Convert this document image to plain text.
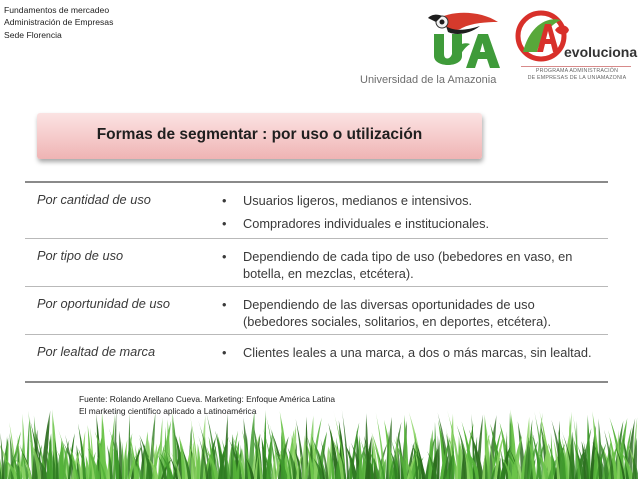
Fundamentos de mercadeo
Administración de Empresas
Sede Florencia
Universidad de la Amazonia
evoluciona
PROGRAMA ADMINISTRACIÓN
DE EMPRESAS DE LA UNIAMAZONIA
Formas de segmentar : por uso o utilización
Por cantidad de uso	• Usuarios ligeros, medianos e intensivos.
• Compradores individuales e institucionales.
Por tipo de uso	• Dependiendo de cada tipo de uso (bebedores en vaso, en botella, en mezclas, etcétera).
Por oportunidad de uso	• Dependiendo de las diversas oportunidades de uso (bebedores sociales, solitarios, en deportes, etcétera).
Por lealtad de marca	• Clientes leales a una marca, a dos o más marcas, sin lealtad.
Fuente: Rolando Arellano Cueva. Marketing: Enfoque América Latina
El marketing científico aplicado a Latinoamérica
